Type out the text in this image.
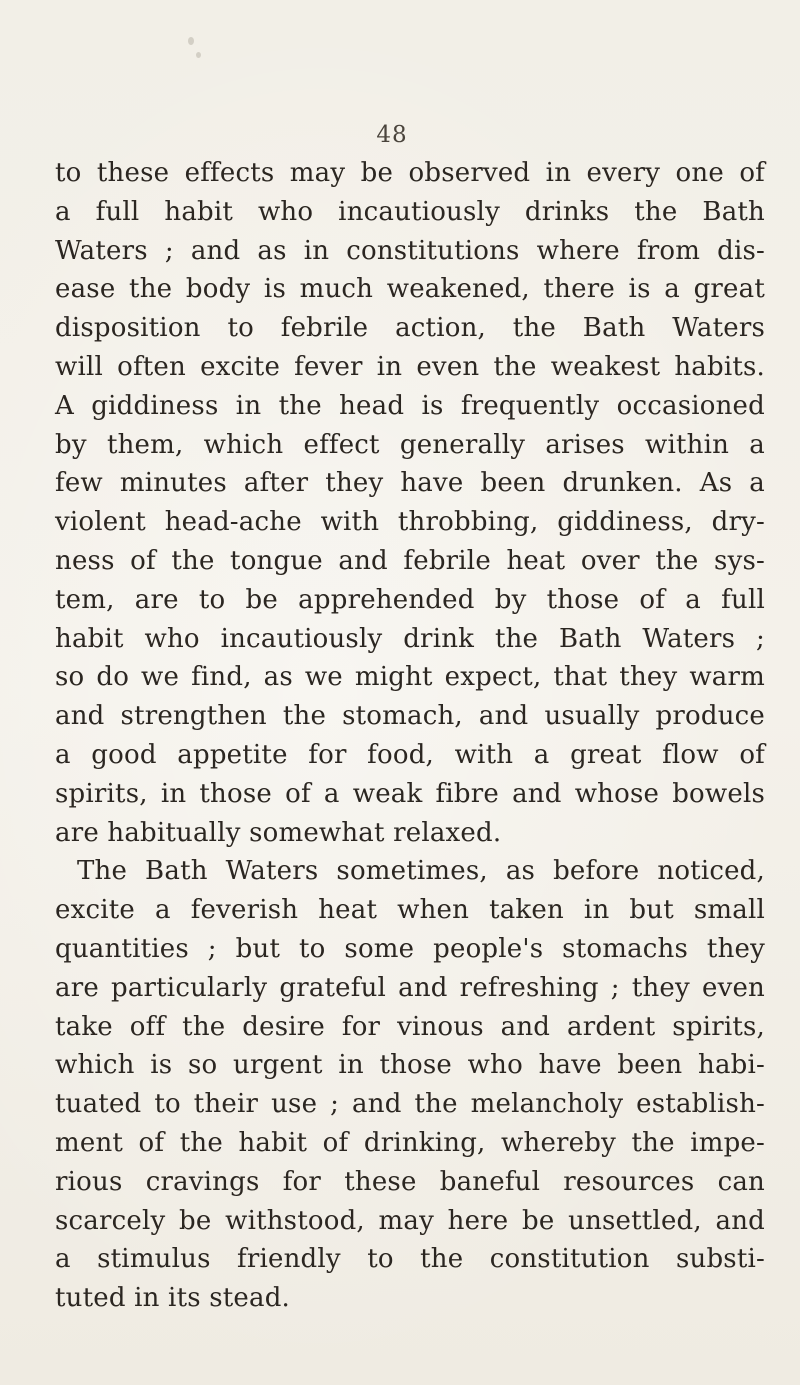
48
to these effects may be observed in every one of
a full habit who incautiously drinks the Bath
Waters ; and as in constitutions where from dis-
ease the body is much weakened, there is a great
disposition to febrile action, the Bath Waters
will often excite fever in even the weakest habits.
A giddiness in the head is frequently occasioned
by them, which effect generally arises within a
few minutes after they have been drunken. As a
violent head-ache with throbbing, giddiness, dry-
ness of the tongue and febrile heat over the sys-
tem, are to be apprehended by those of a full
habit who incautiously drink the Bath Waters ;
so do we find, as we might expect, that they warm
and strengthen the stomach, and usually produce
a good appetite for food, with a great flow of
spirits, in those of a weak fibre and whose bowels
are habitually somewhat relaxed.
The Bath Waters sometimes, as before noticed,
excite a feverish heat when taken in but small
quantities ; but to some people's stomachs they
are particularly grateful and refreshing ; they even
take off the desire for vinous and ardent spirits,
which is so urgent in those who have been habi-
tuated to their use ; and the melancholy establish-
ment of the habit of drinking, whereby the impe-
rious cravings for these baneful resources can
scarcely be withstood, may here be unsettled, and
a stimulus friendly to the constitution substi-
tuted in its stead.
